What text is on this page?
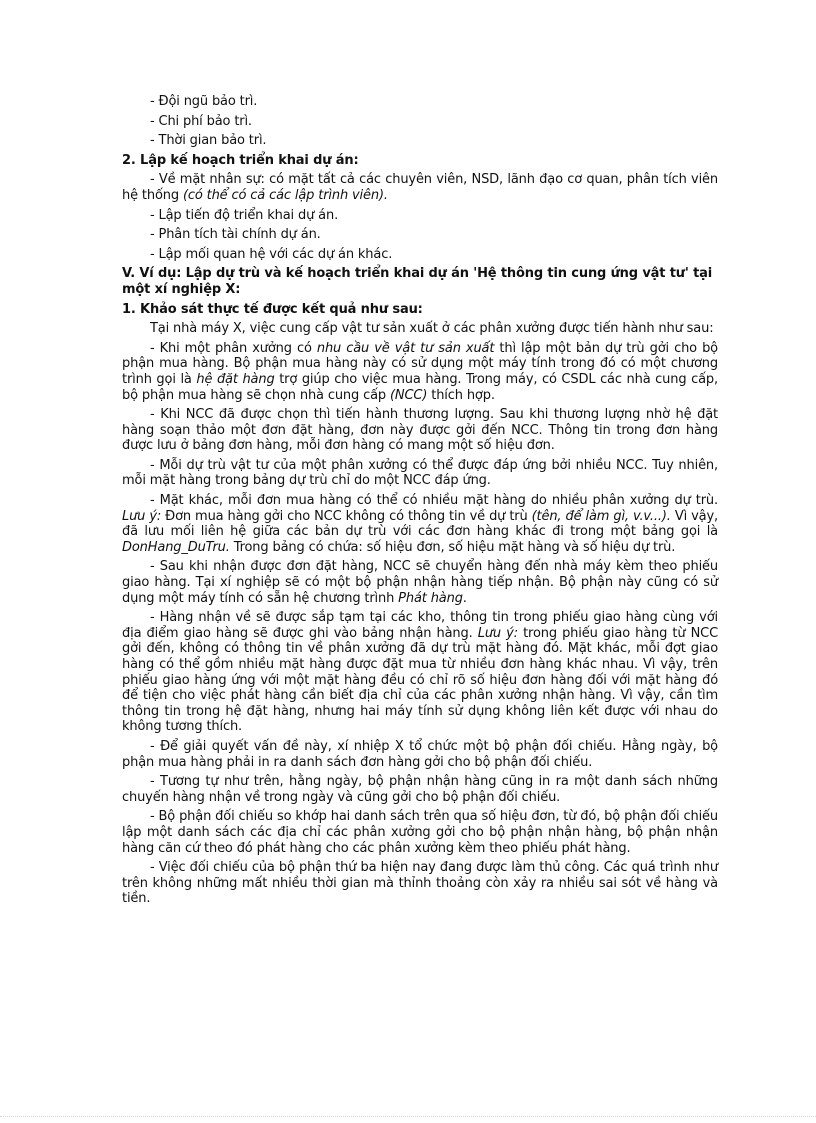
- Đội ngũ bảo trì.
- Chi phí bảo trì.
- Thời gian bảo trì.
2. Lập kế hoạch triển khai dự án:
- Về mặt nhân sự: có mặt tất cả các chuyên viên, NSD, lãnh đạo cơ quan, phân tích viên hệ thống (có thể có cả các lập trình viên).
- Lập tiến độ triển khai dự án.
- Phân tích tài chính dự án.
- Lập mối quan hệ với các dự án khác.
V. Ví dụ: Lập dự trù và kế hoạch triển khai dự án 'Hệ thông tin cung ứng vật tư' tại một xí nghiệp X:
1. Khảo sát thực tế được kết quả như sau:
Tại nhà máy X, việc cung cấp vật tư sản xuất ở các phân xưởng được tiến hành như sau:
- Khi một phân xưởng có nhu cầu về vật tư sản xuất thì lập một bản dự trù gởi cho bộ phận mua hàng. Bộ phận mua hàng này có sử dụng một máy tính trong đó có một chương trình gọi là hệ đặt hàng trợ giúp cho việc mua hàng. Trong máy, có CSDL các nhà cung cấp, bộ phận mua hàng sẽ chọn nhà cung cấp (NCC) thích hợp.
- Khi NCC đã được chọn thì tiến hành thương lượng. Sau khi thương lượng nhờ hệ đặt hàng soạn thảo một đơn đặt hàng, đơn này được gởi đến NCC. Thông tin trong đơn hàng được lưu ở bảng đơn hàng, mỗi đơn hàng có mang một số hiệu đơn.
- Mỗi dự trù vật tư của một phân xưởng có thể được đáp ứng bởi nhiều NCC. Tuy nhiên, mỗi mặt hàng trong bảng dự trù chỉ do một NCC đáp ứng.
- Mặt khác, mỗi đơn mua hàng có thể có nhiều mặt hàng do nhiều phân xưởng dự trù. Lưu ý: Đơn mua hàng gởi cho NCC không có thông tin về dự trù (tên, để làm gì, v.v...). Vì vậy, đã lưu mối liên hệ giữa các bản dự trù với các đơn hàng khác đi trong một bảng gọi là DonHang_DuTru. Trong bảng có chứa: số hiệu đơn, số hiệu mặt hàng và số hiệu dự trù.
- Sau khi nhận được đơn đặt hàng, NCC sẽ chuyển hàng đến nhà máy kèm theo phiếu giao hàng. Tại xí nghiệp sẽ có một bộ phận nhận hàng tiếp nhận. Bộ phận này cũng có sử dụng một máy tính có sẵn hệ chương trình Phát hàng.
- Hàng nhận về sẽ được sắp tạm tại các kho, thông tin trong phiếu giao hàng cùng với địa điểm giao hàng sẽ được ghi vào bảng nhận hàng. Lưu ý: trong phiếu giao hàng từ NCC gởi đến, không có thông tin về phân xưởng đã dự trù mặt hàng đó. Mặt khác, mỗi đợt giao hàng có thể gồm nhiều mặt hàng được đặt mua từ nhiều đơn hàng khác nhau. Vì vậy, trên phiếu giao hàng ứng với một mặt hàng đều có chỉ rõ số hiệu đơn hàng đối với mặt hàng đó để tiện cho việc phát hàng cần biết địa chỉ của các phân xưởng nhận hàng. Vì vậy, cần tìm thông tin trong hệ đặt hàng, nhưng hai máy tính sử dụng không liên kết được với nhau do không tương thích.
- Để giải quyết vấn đề này, xí nhiệp X tổ chức một bộ phận đối chiếu. Hằng ngày, bộ phận mua hàng phải in ra danh sách đơn hàng gởi cho bộ phận đối chiếu.
- Tương tự như trên, hằng ngày, bộ phận nhận hàng cũng in ra một danh sách những chuyến hàng nhận về trong ngày và cũng gởi cho bộ phận đối chiếu.
- Bộ phận đối chiếu so khớp hai danh sách trên qua số hiệu đơn, từ đó, bộ phận đối chiếu lập một danh sách các địa chỉ các phân xưởng gởi cho bộ phận nhận hàng, bộ phận nhận hàng căn cứ theo đó phát hàng cho các phân xưởng kèm theo phiếu phát hàng.
- Việc đối chiếu của bộ phận thứ ba hiện nay đang được làm thủ công. Các quá trình như trên không những mất nhiều thời gian mà thỉnh thoảng còn xảy ra nhiều sai sót về hàng và tiền.
